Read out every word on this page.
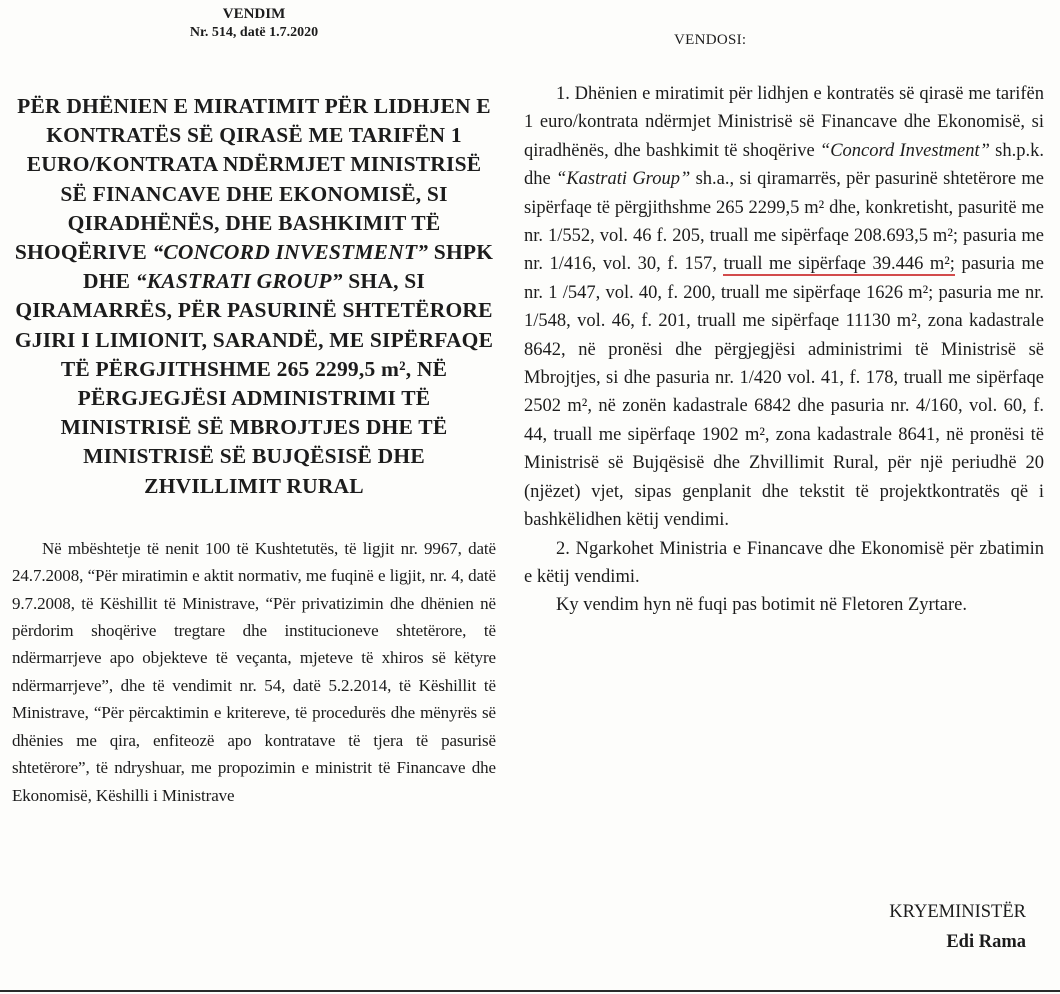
VENDIM
Nr. 514, datë 1.7.2020
PËR DHËNIEN E MIRATIMIT PËR LIDHJEN E KONTRATËS SË QIRASË ME TARIFËN 1 EURO/KONTRATA NDËRMJET MINISTRISË SË FINANCAVE DHE EKONOMISË, SI QIRADHËNËS, DHE BASHKIMIT TË SHOQËRIVE “CONCORD INVESTMENT” SHPK DHE “KASTRATI GROUP” SHA, SI QIRAMARRËS, PËR PASURINË SHTETËRORE GJIRI I LIMIONIT, SARANDË, ME SIPËRFAQE TË PËRGJITHSHME 265 2299,5 m², NË PËRGJEGJËSI ADMINISTRIMI TË MINISTRISË SË MBROJTJES DHE TË MINISTRISË SË BUJQËSISË DHE ZHVILLIMIT RURAL

Në mbështetje të nenit 100 të Kushtetutës, të ligjit nr. 9967, datë 24.7.2008, “Për miratimin e aktit normativ, me fuqinë e ligjit, nr. 4, datë 9.7.2008, të Këshillit të Ministrave, “Për privatizimin dhe dhënien në përdorim shoqërive tregtare dhe institucioneve shtetërore, të ndërmarrjeve apo objekteve të veçanta, mjeteve të xhiros së këtyre ndërmarrjeve”, dhe të vendimit nr. 54, datë 5.2.2014, të Këshillit të Ministrave, “Për përcaktimin e kritereve, të procedurës dhe mënyrës së dhënies me qira, enfiteozë apo kontratave të tjera të pasurisë shtetërore”, të ndryshuar, me propozimin e ministrit të Financave dhe Ekonomisë, Këshilli i Ministrave

VENDOSI:

1. Dhënien e miratimit për lidhjen e kontratës së qirasë me tarifën 1 euro/kontrata ndërmjet Ministrisë së Financave dhe Ekonomisë, si qiradhënës, dhe bashkimit të shoqërive “Concord Investment” sh.p.k. dhe “Kastrati Group” sh.a., si qiramarrës, për pasurinë shtetërore me sipërfaqe të përgjithshme 265 2299,5 m² dhe, konkretisht, pasuritë me nr. 1/552, vol. 46 f. 205, truall me sipërfaqe 208.693,5 m²; pasuria me nr. 1/416, vol. 30, f. 157, truall me sipërfaqe 39.446 m²; pasuria me nr. 1 /547, vol. 40, f. 200, truall me sipërfaqe 1626 m²; pasuria me nr. 1/548, vol. 46, f. 201, truall me sipërfaqe 11130 m², zona kadastrale 8642, në pronësi dhe përgjegjësi administrimi të Ministrisë së Mbrojtjes, si dhe pasuria nr. 1/420 vol. 41, f. 178, truall me sipërfaqe 2502 m², në zonën kadastrale 6842 dhe pasuria nr. 4/160, vol. 60, f. 44, truall me sipërfaqe 1902 m², zona kadastrale 8641, në pronësi të Ministrisë së Bujqësisë dhe Zhvillimit Rural, për një periudhë 20 (njëzet) vjet, sipas genplanit dhe tekstit të projektkontratës që i bashkëlidhen këtij vendimi.

2. Ngarkohet Ministria e Financave dhe Ekonomisë për zbatimin e këtij vendimi.

Ky vendim hyn në fuqi pas botimit në Fletoren Zyrtare.

KRYEMINISTËR
Edi Rama
